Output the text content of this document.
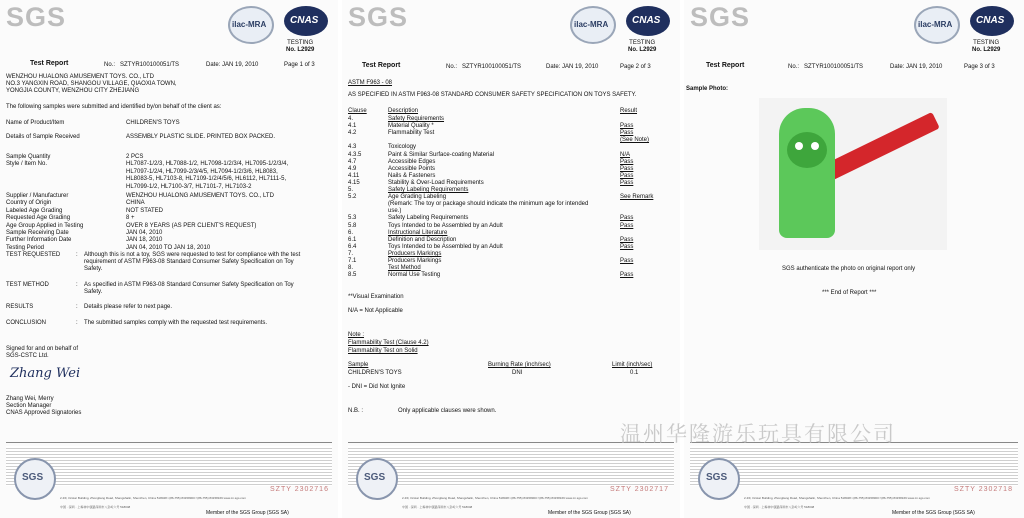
SGS	ilac-MRA CNAS
TESTING
No. L2929
Test Report	No.: SZTYR100100051/TS	Date: JAN 19, 2010	Page 1 of 3
WENZHOU HUALONG AMUSEMENT TOYS. CO., LTD
NO.3 YANGXIN ROAD, SHANGOU VILLAGE, QIAOXIA TOWN,
YONGJIA COUNTY, WENZHOU CITY ZHEJIANG
The following samples were submitted and identified by/on behalf of the client as:
Name of Product/Item	CHILDREN'S TOYS
Details of Sample Received	ASSEMBLY PLASTIC SLIDE. PRINTED BOX PACKED.
Sample Quantity	2 PCS
Style / Item No.	HL7087-1/2/3, HL7088-1/2, HL7098-1/2/3/4, HL7095-1/2/3/4,
HL7097-1/2/4, HL7099-2/3/4/5, HL7094-1/2/3/6, HL8083,
HL8083-5, HL7103-8, HL7109-1/2/4/5/6, HL6112, HL7111-5,
HL7099-1/2, HL7100-3/7, HL7101-7, HL7103-2
Supplier / Manufacturer	WENZHOU HUALONG AMUSEMENT TOYS. CO., LTD
Country of Origin	CHINA
Labeled Age Grading	NOT STATED
Requested Age Grading	8 +
Age Group Applied in Testing	OVER 8 YEARS (AS PER CLIENT'S REQUEST)
Sample Receiving Date	JAN 04, 2010
Further Information Date	JAN 18, 2010
Testing Period	JAN 04, 2010 TO JAN 18, 2010
TEST REQUESTED	: Although this is not a toy, SGS were requested to test for compliance with the test
requirement of ASTM F963-08 Standard Consumer Safety Specification on Toy
Safety.
TEST METHOD	: As specified in ASTM F963-08 Standard Consumer Safety Specification on Toy
Safety.
RESULTS	: Details please refer to next page.
CONCLUSION	: The submitted samples comply with the requested test requirements.
Signed for and on behalf of
SGS-CSTC Ltd.
Zhang Wei
Zhang Wei, Merry
Section Manager
CNAS Approved Signatories
SGS
SZTY 2302716
2.4/F, Ocstar Building, Zhongliang Road, Shangshalin, Shenzhen, China 518048 t (86-755) 83158300 f (86-755) 83158169 www.cn.sgs.com
中国 · 深圳 · 上梅林中康路深圳市八卦岭六号 518048
Member of the SGS Group (SGS SA)
SGS	ilac-MRA CNAS
TESTING
No. L2929
Test Report	No.: SZTYR100100051/TS	Date: JAN 19, 2010	Page 2 of 3
ASTM F963 - 08
AS SPECIFIED IN ASTM F963-08 STANDARD CONSUMER SAFETY SPECIFICATION ON TOYS SAFETY.
Clause	Description	Result
4.	Safety Requirements
4.1	Material Quality *	Pass
4.2	Flammability Test	Pass
(See Note)
4.3	Toxicology
4.3.5	Paint & Similar Surface-coating Material	N/A
4.7	Accessible Edges	Pass
4.9	Accessible Points	Pass
4.11	Nails & Fasteners	Pass
4.15	Stability & Over-Load Requirements	Pass
5.	Safety Labeling Requirements
5.2	Age Grading Labeling	See Remark
(Remark: The toy or package should indicate the minimum age for intended
use.)
5.3	Safety Labeling Requirements	Pass
5.8	Toys Intended to be Assembled by an Adult	Pass
6.	Instructional Literature
6.1	Definition and Description	Pass
6.4	Toys Intended to be Assembled by an Adult	Pass
7.	Producers Markings
7.1	Producers Markings	Pass
8.	Test Method
8.5	Normal Use Testing	Pass
**Visual Examination
N/A = Not Applicable
Note :
Flammability Test (Clause 4.2)
Flammability Test on Solid
Sample	Burning Rate (inch/sec)	Limit (inch/sec)
CHILDREN'S TOYS	DNI	0.1
- DNI = Did Not Ignite
N.B. :	Only applicable clauses were shown.
SGS
SZTY 2302717
2.4/F, Ocstar Building, Zhongliang Road, Shangshalin, Shenzhen, China 518048 t (86-755) 83158300 f (86-755) 83158169 www.cn.sgs.com
中国 · 深圳 · 上梅林中康路深圳市八卦岭六号 518048
Member of the SGS Group (SGS SA)
SGS	ilac-MRA CNAS
TESTING
No. L2929
Test Report	No.: SZTYR100100051/TS	Date: JAN 19, 2010	Page 3 of 3
Sample Photo:
SGS authenticate the photo on original report only
*** End of Report ***
SGS
SZTY 2302718
2.4/F, Ocstar Building, Zhongliang Road, Shangshalin, Shenzhen, China 518048 t (86-755) 83158300 f (86-755) 83158169 www.cn.sgs.com
中国 · 深圳 · 上梅林中康路深圳市八卦岭六号 518048
Member of the SGS Group (SGS SA)
温州华隆游乐玩具有限公司
